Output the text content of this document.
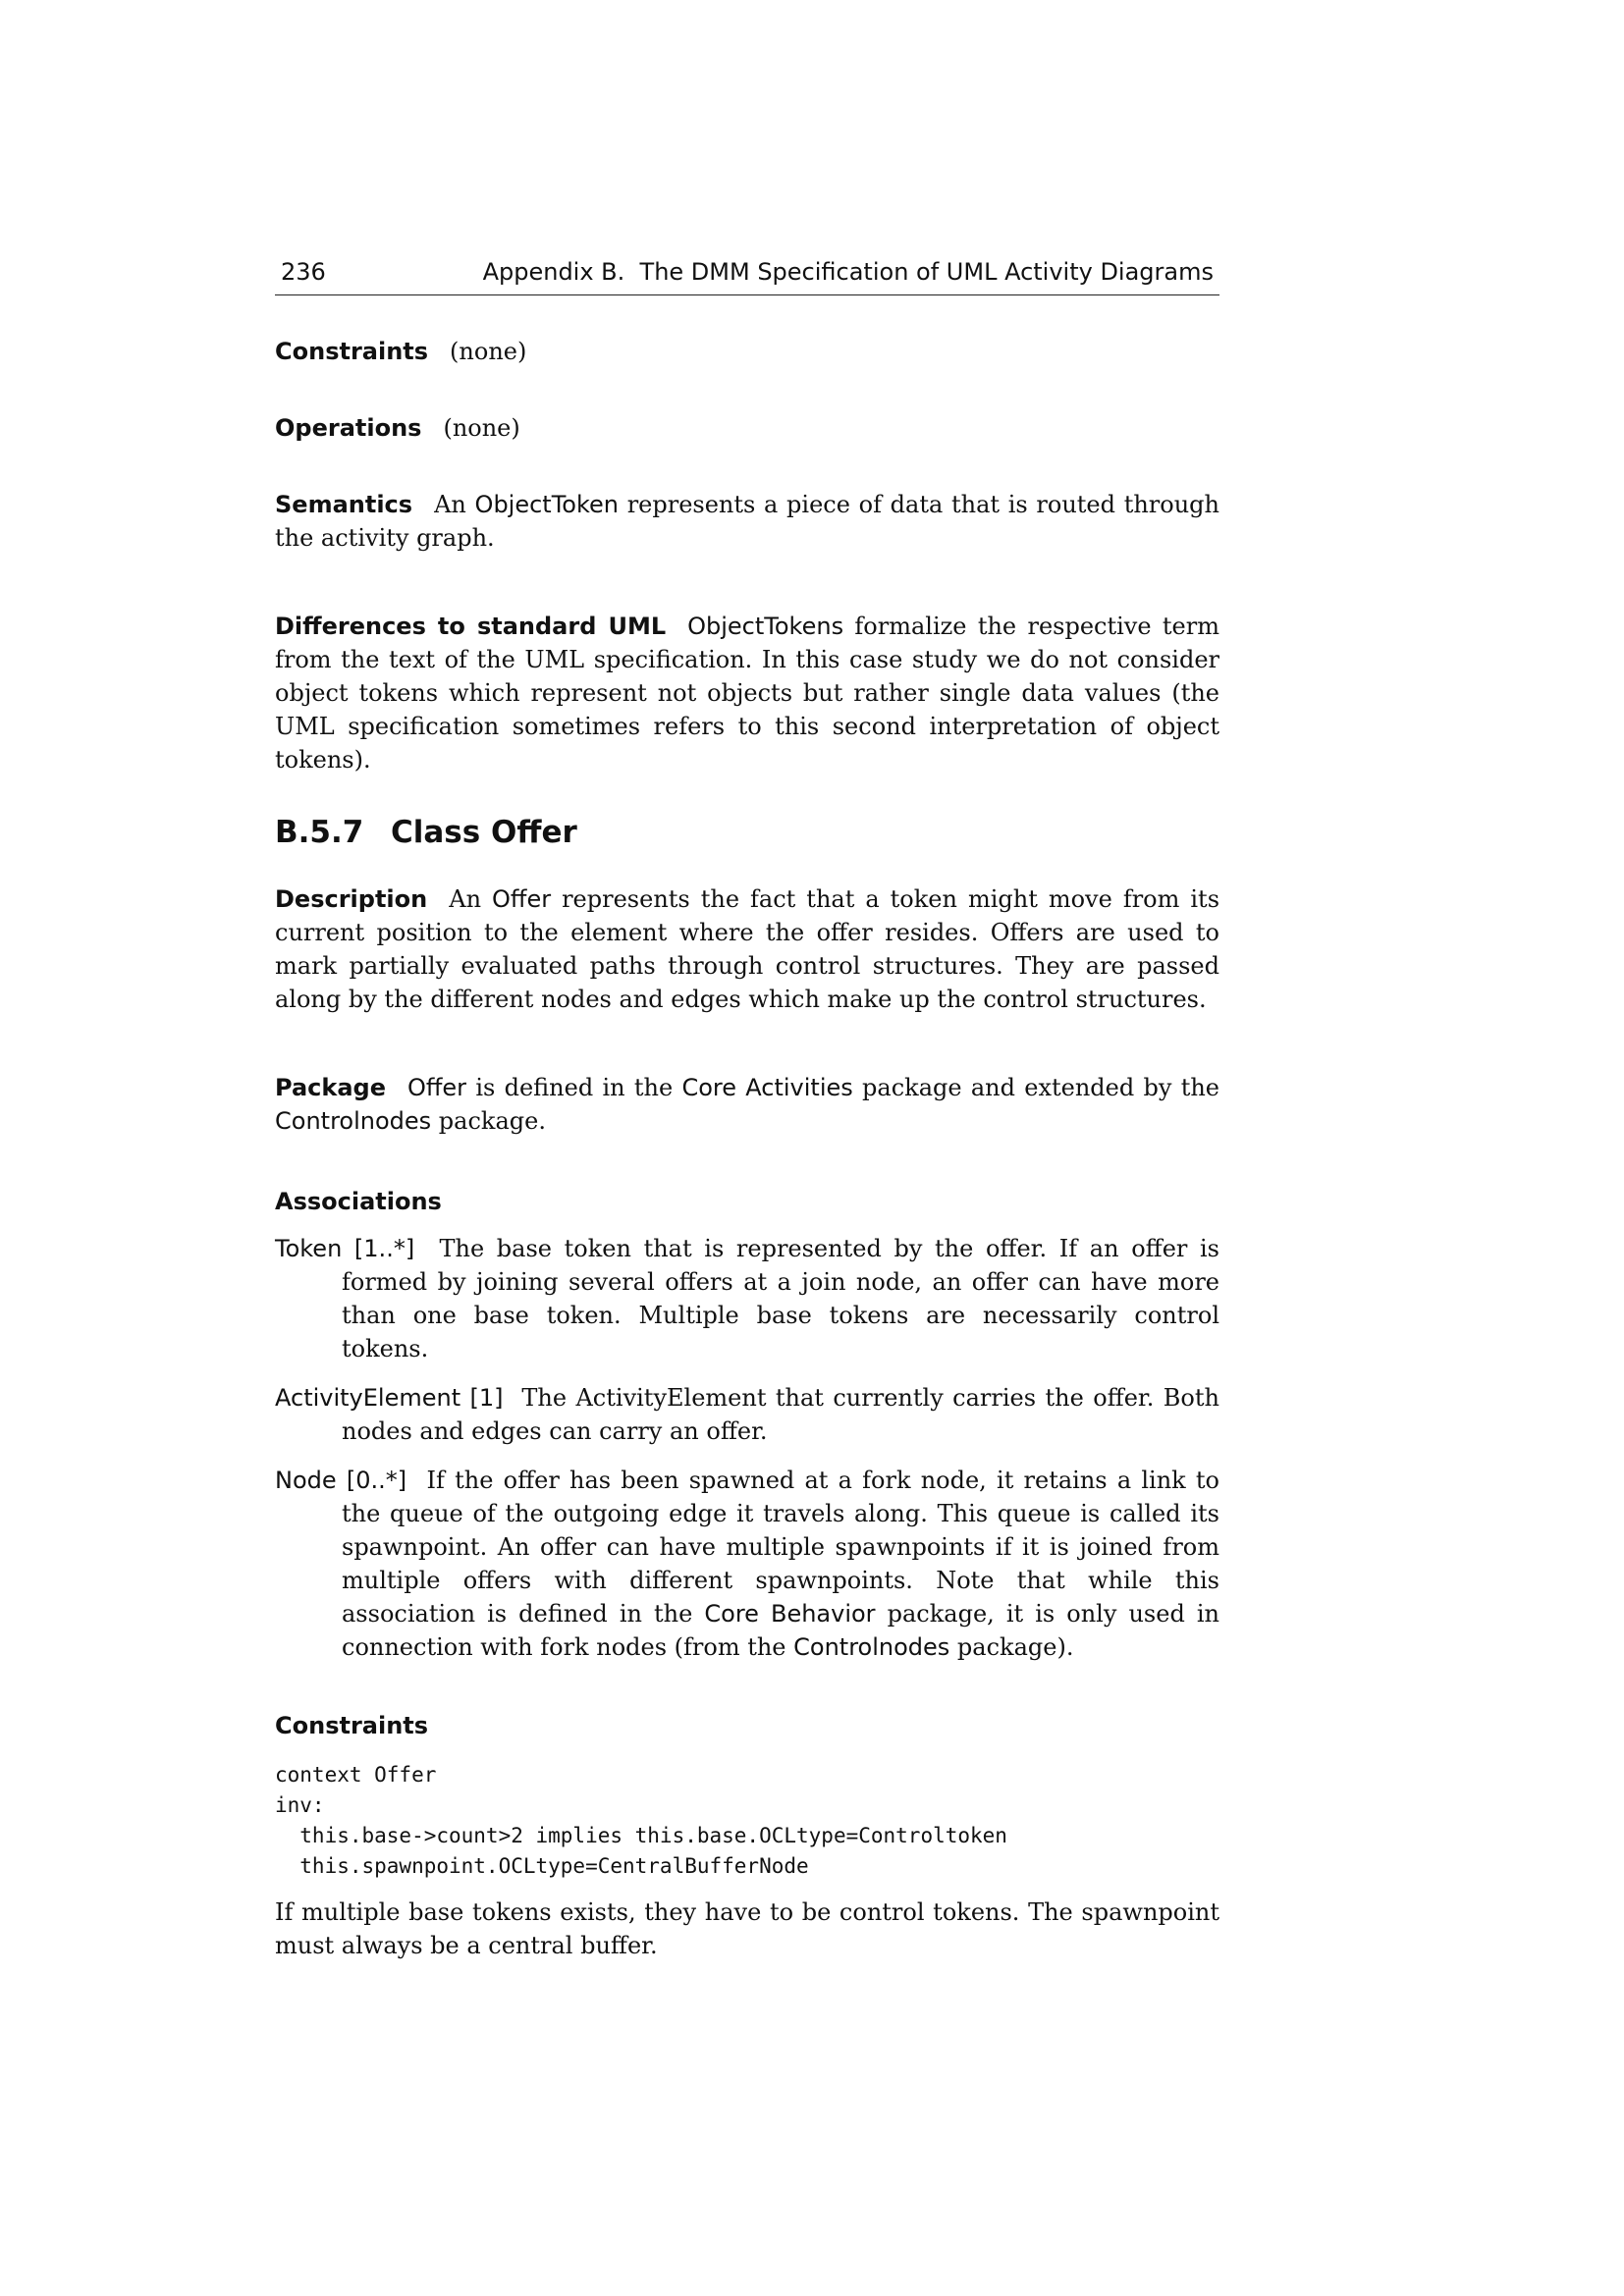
236	Appendix B.  The DMM Specification of UML Activity Diagrams

Constraints (none)

Operations (none)

Semantics An ObjectToken represents a piece of data that is routed through the activity graph.

Differences to standard UML ObjectTokens formalize the respective term from the text of the UML specification. In this case study we do not consider object tokens which represent not objects but rather single data values (the UML specification sometimes refers to this second interpretation of object tokens).

B.5.7 Class Offer

Description An Offer represents the fact that a token might move from its current position to the element where the offer resides. Offers are used to mark partially evaluated paths through control structures. They are passed along by the different nodes and edges which make up the control structures.

Package Offer is defined in the Core Activities package and extended by the Controlnodes package.

Associations
Token [1..*] The base token that is represented by the offer. If an offer is formed by joining several offers at a join node, an offer can have more than one base token. Multiple base tokens are necessarily control tokens.
ActivityElement [1] The ActivityElement that currently carries the offer. Both nodes and edges can carry an offer.
Node [0..*] If the offer has been spawned at a fork node, it retains a link to the queue of the outgoing edge it travels along. This queue is called its spawnpoint. An offer can have multiple spawnpoints if it is joined from multiple offers with different spawnpoints. Note that while this association is defined in the Core Behavior package, it is only used in connection with fork nodes (from the Controlnodes package).
Constraints
context Offer
inv:
this.base->count>2 implies this.base.OCLtype=Controltoken
this.spawnpoint.OCLtype=CentralBufferNode

If multiple base tokens exists, they have to be control tokens. The spawnpoint must always be a central buffer.
